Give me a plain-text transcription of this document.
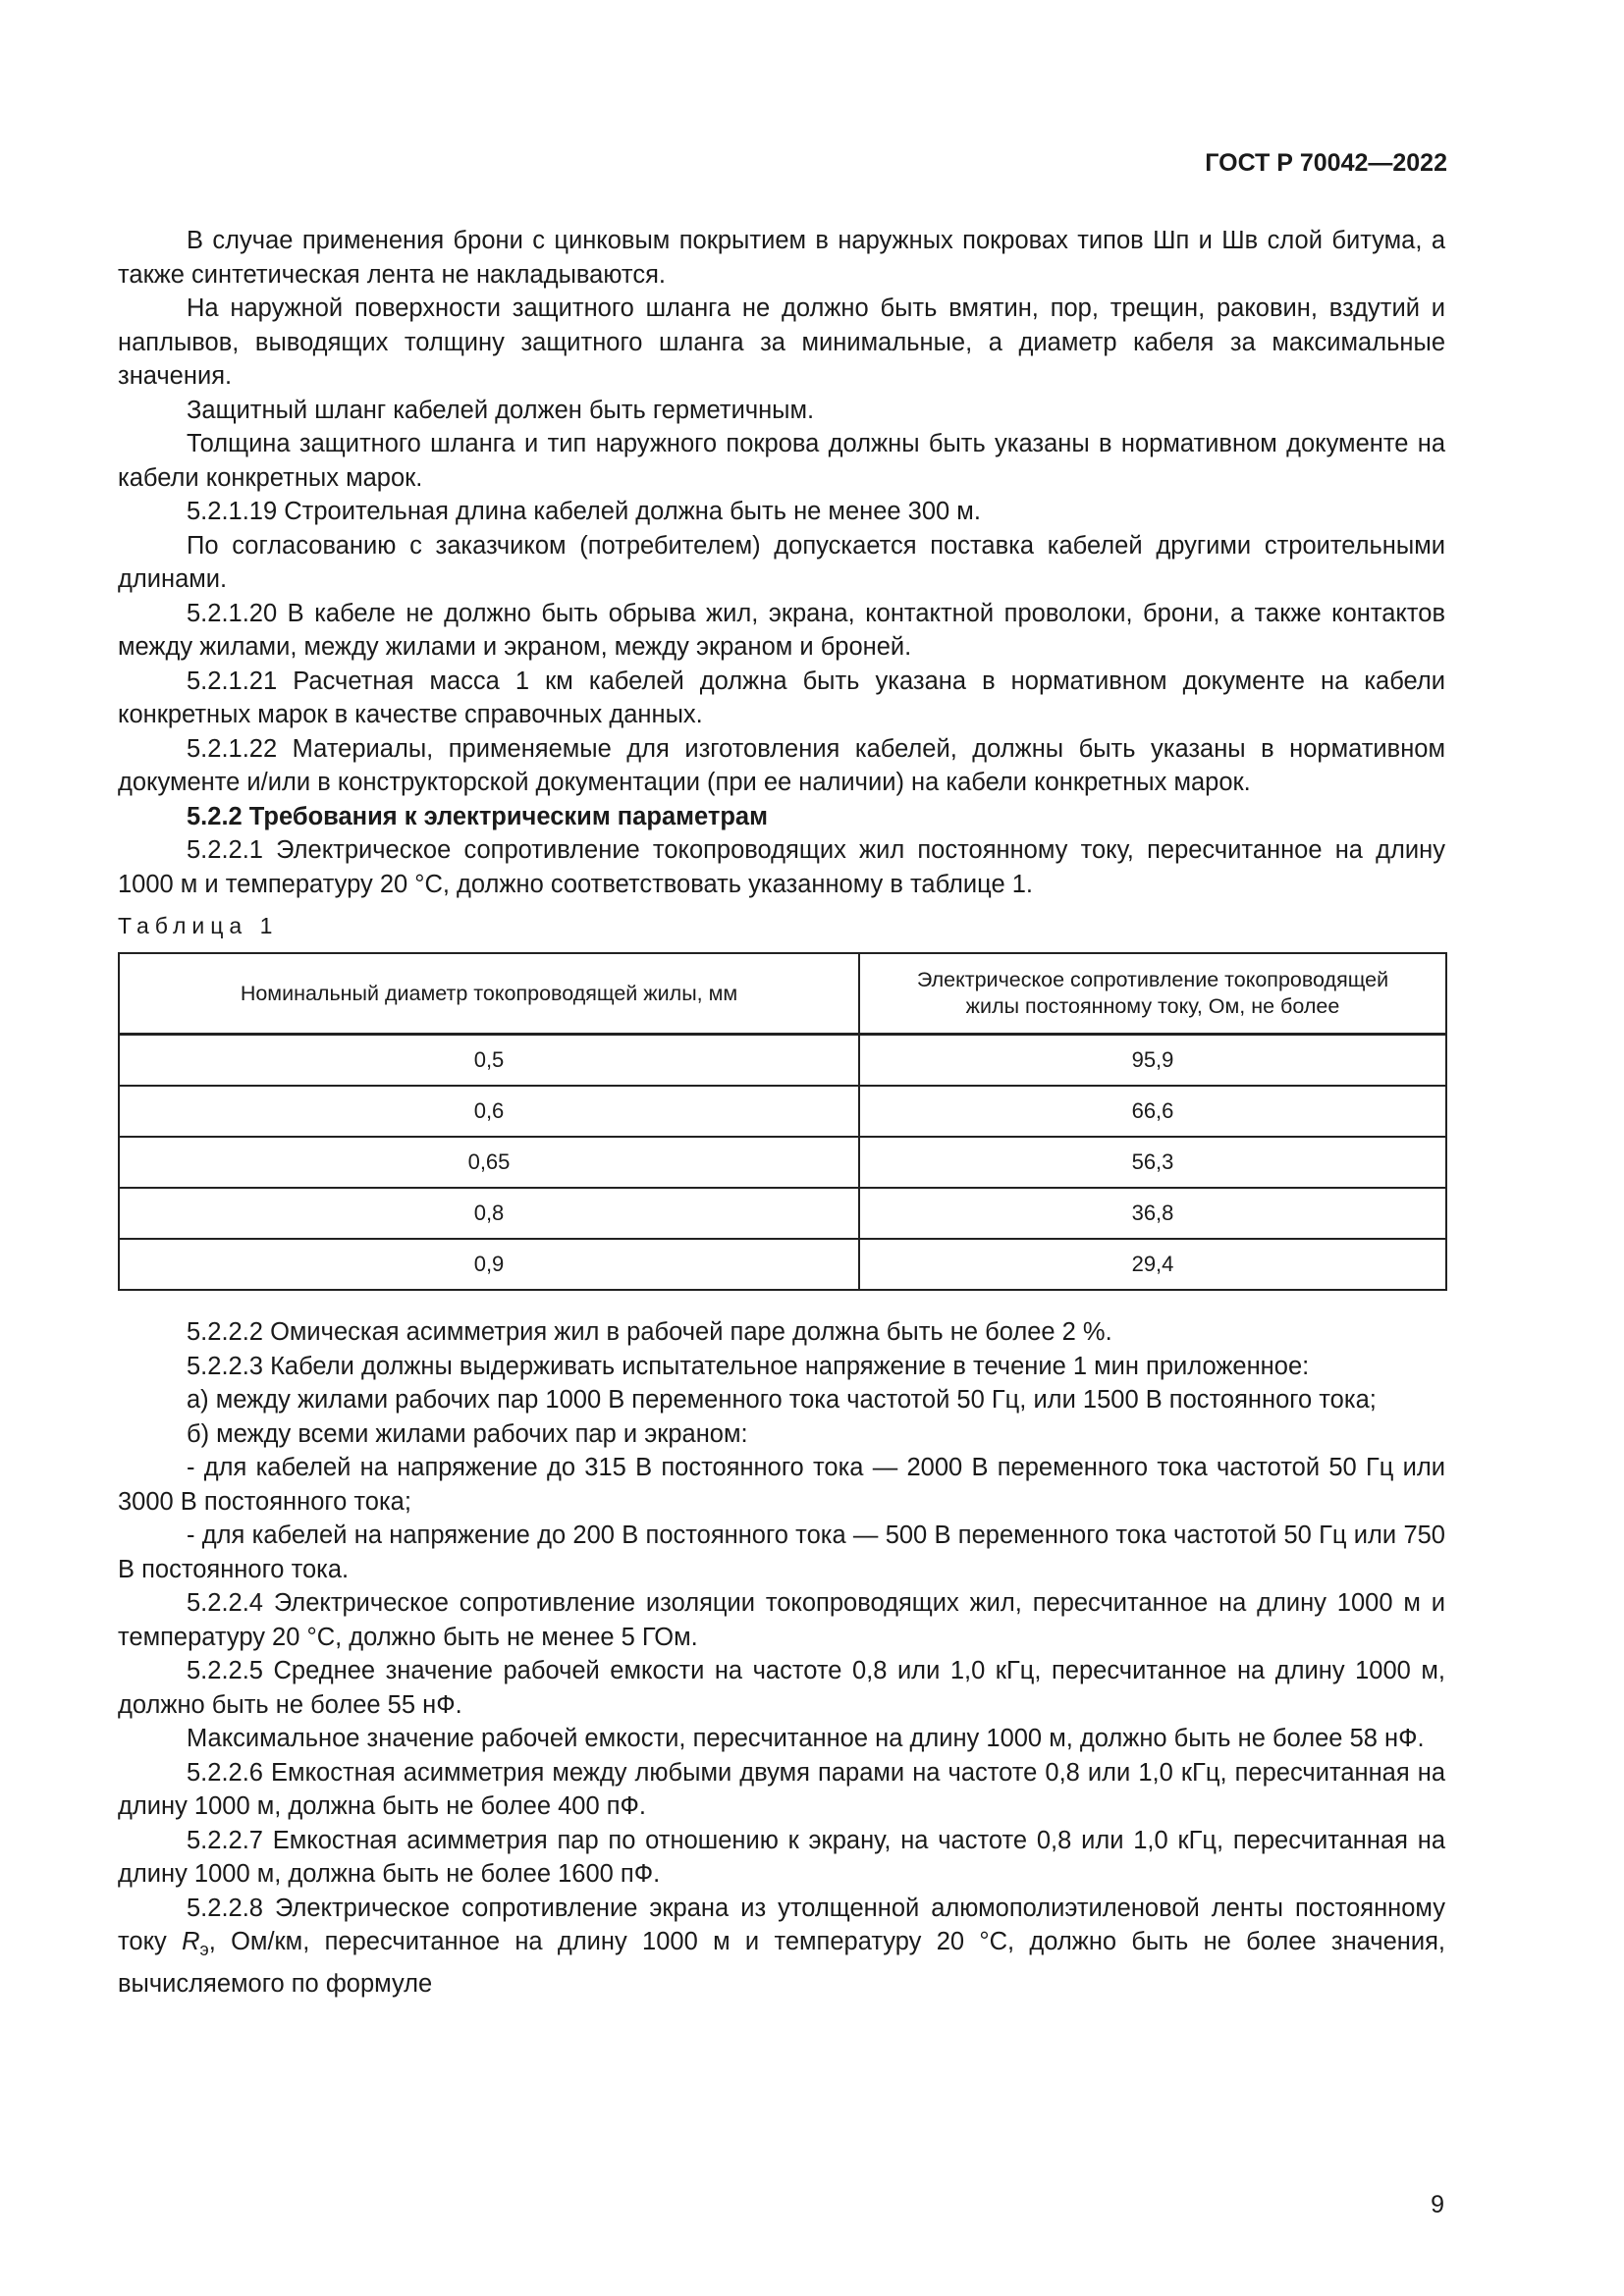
ГОСТ Р 70042—2022

В случае применения брони с цинковым покрытием в наружных покровах типов Шп и Шв слой битума, а также синтетическая лента не накладываются.

На наружной поверхности защитного шланга не должно быть вмятин, пор, трещин, раковин, вздутий и наплывов, выводящих толщину защитного шланга за минимальные, а диаметр кабеля за максимальные значения.

Защитный шланг кабелей должен быть герметичным.

Толщина защитного шланга и тип наружного покрова должны быть указаны в нормативном документе на кабели конкретных марок.

5.2.1.19 Строительная длина кабелей должна быть не менее 300 м.

По согласованию с заказчиком (потребителем) допускается поставка кабелей другими строительными длинами.

5.2.1.20 В кабеле не должно быть обрыва жил, экрана, контактной проволоки, брони, а также контактов между жилами, между жилами и экраном, между экраном и броней.

5.2.1.21 Расчетная масса 1 км кабелей должна быть указана в нормативном документе на кабели конкретных марок в качестве справочных данных.

5.2.1.22 Материалы, применяемые для изготовления кабелей, должны быть указаны в нормативном документе и/или в конструкторской документации (при ее наличии) на кабели конкретных марок.

5.2.2 Требования к электрическим параметрам

5.2.2.1 Электрическое сопротивление токопроводящих жил постоянному току, пересчитанное на длину 1000 м и температуру 20 °С, должно соответствовать указанному в таблице 1.

Таблица 1
Номинальный диаметр токопроводящей жилы, мм	Электрическое сопротивление токопроводящей жилы постоянному току, Ом, не более
0,5	95,9
0,6	66,6
0,65	56,3
0,8	36,8
0,9	29,4

5.2.2.2 Омическая асимметрия жил в рабочей паре должна быть не более 2 %.

5.2.2.3 Кабели должны выдерживать испытательное напряжение в течение 1 мин приложенное:

а) между жилами рабочих пар 1000 В переменного тока частотой 50 Гц, или 1500 В постоянного тока;

б) между всеми жилами рабочих пар и экраном:

- для кабелей на напряжение до 315 В постоянного тока — 2000 В переменного тока частотой 50 Гц или 3000 В постоянного тока;

- для кабелей на напряжение до 200 В постоянного тока — 500 В переменного тока частотой 50 Гц или 750 В постоянного тока.

5.2.2.4 Электрическое сопротивление изоляции токопроводящих жил, пересчитанное на длину 1000 м и температуру 20 °С, должно быть не менее 5 ГОм.

5.2.2.5 Среднее значение рабочей емкости на частоте 0,8 или 1,0 кГц, пересчитанное на длину 1000 м, должно быть не более 55 нФ.

Максимальное значение рабочей емкости, пересчитанное на длину 1000 м, должно быть не более 58 нФ.

5.2.2.6 Емкостная асимметрия между любыми двумя парами на частоте 0,8 или 1,0 кГц, пересчитанная на длину 1000 м, должна быть не более 400 пФ.

5.2.2.7 Емкостная асимметрия пар по отношению к экрану, на частоте 0,8 или 1,0 кГц, пересчитанная на длину 1000 м, должна быть не более 1600 пФ.

5.2.2.8 Электрическое сопротивление экрана из утолщенной алюмополиэтиленовой ленты постоянному току $R_э$, Ом/км, пересчитанное на длину 1000 м и температуру 20 °С, должно быть не более значения, вычисляемого по формуле

9
